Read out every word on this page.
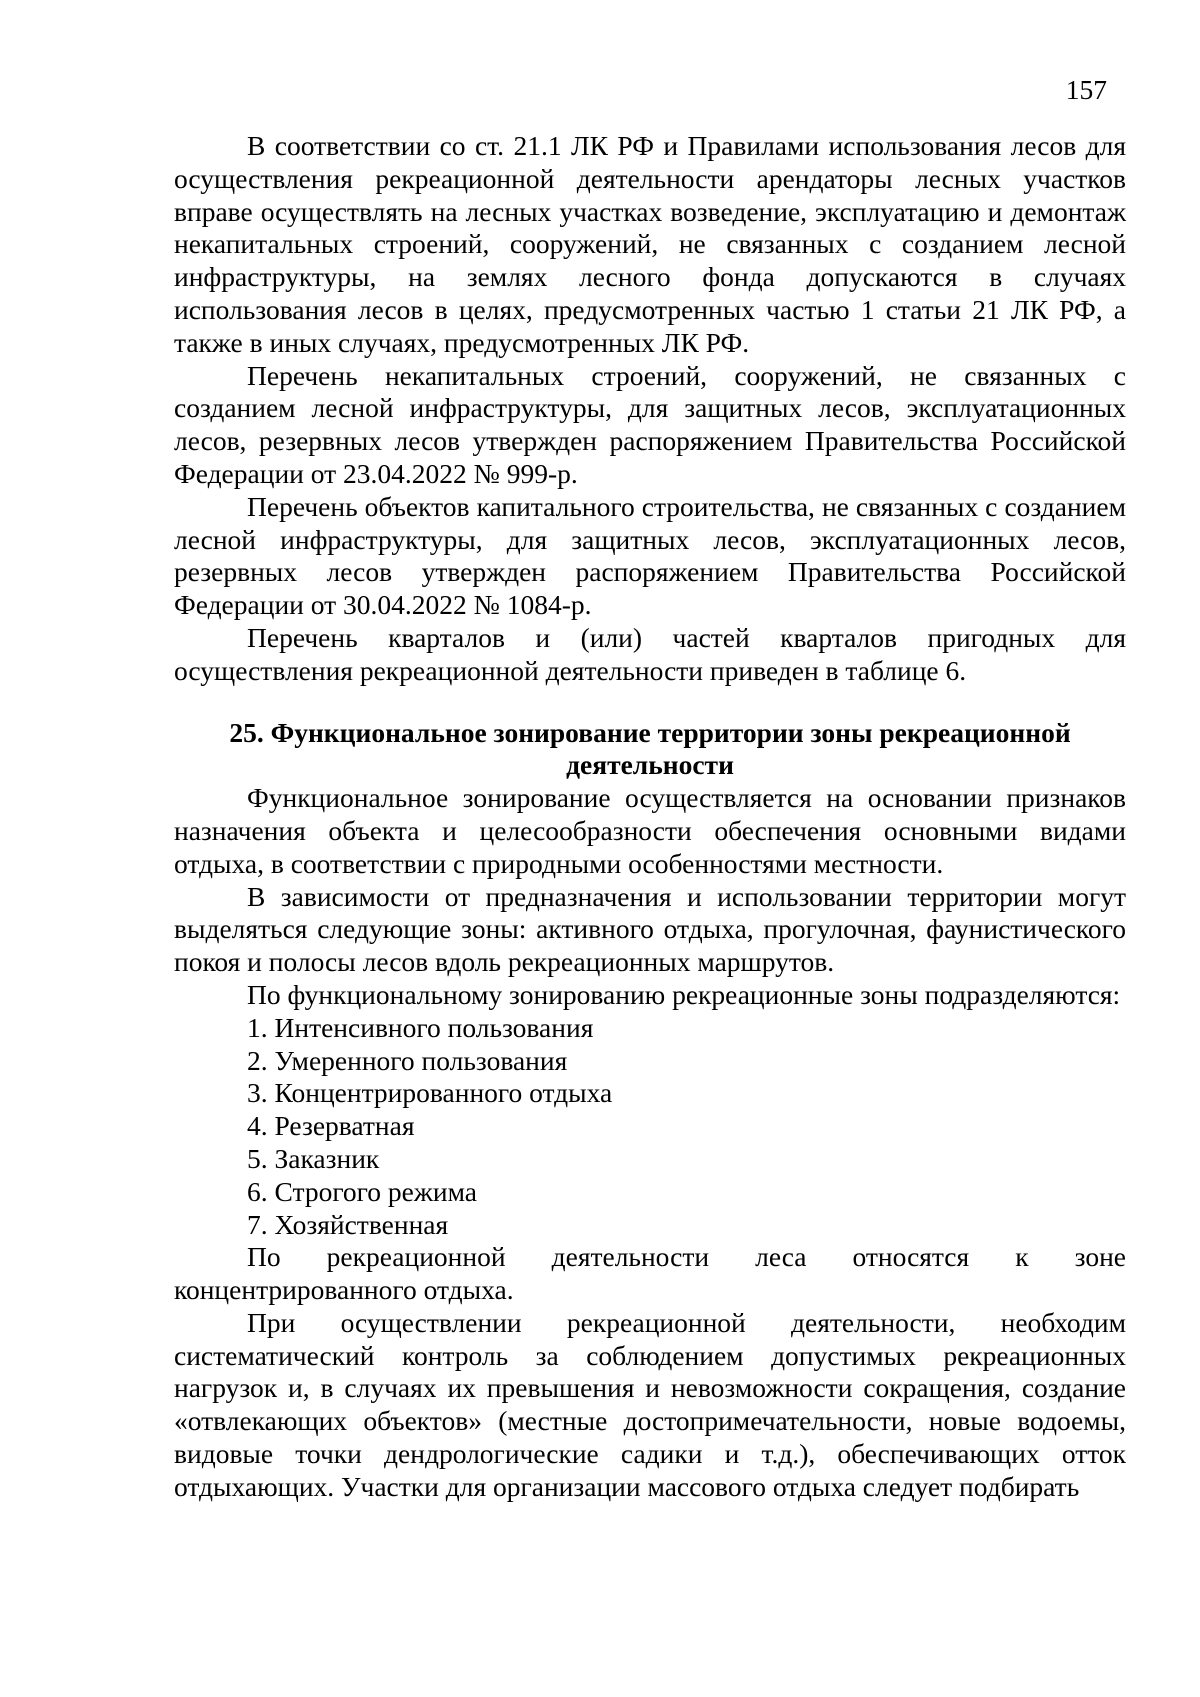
157

В соответствии со ст. 21.1 ЛК РФ и Правилами использования лесов для осуществления рекреационной деятельности арендаторы лесных участков вправе осуществлять на лесных участках возведение, эксплуатацию и демонтаж некапитальных строений, сооружений, не связанных с созданием лесной инфраструктуры, на землях лесного фонда допускаются в случаях использования лесов в целях, предусмотренных частью 1 статьи 21 ЛК РФ, а также в иных случаях, предусмотренных ЛК РФ.

Перечень некапитальных строений, сооружений, не связанных с созданием лесной инфраструктуры, для защитных лесов, эксплуатационных лесов, резервных лесов утвержден распоряжением Правительства Российской Федерации от 23.04.2022 № 999-р.

Перечень объектов капитального строительства, не связанных с созданием лесной инфраструктуры, для защитных лесов, эксплуатационных лесов, резервных лесов утвержден распоряжением Правительства Российской Федерации от 30.04.2022 № 1084-р.

Перечень кварталов и (или) частей кварталов пригодных для осуществления рекреационной деятельности приведен в таблице 6.

25. Функциональное зонирование территории зоны рекреационной деятельности

Функциональное зонирование осуществляется на основании признаков назначения объекта и целесообразности обеспечения основными видами отдыха, в соответствии с природными особенностями местности.

В зависимости от предназначения и использовании территории могут выделяться следующие зоны: активного отдыха, прогулочная, фаунистического покоя и полосы лесов вдоль рекреационных маршрутов.

По функциональному зонированию рекреационные зоны подразделяются:

1. Интенсивного пользования
2. Умеренного пользования
3. Концентрированного отдыха
4. Резерватная
5. Заказник
6. Строгого режима
7. Хозяйственная

По рекреационной деятельности леса относятся к зоне концентрированного отдыха.

При осуществлении рекреационной деятельности, необходим систематический контроль за соблюдением допустимых рекреационных нагрузок и, в случаях их превышения и невозможности сокращения, создание «отвлекающих объектов» (местные достопримечательности, новые водоемы, видовые точки дендрологические садики и т.д.), обеспечивающих отток отдыхающих. Участки для организации массового отдыха следует подбирать
